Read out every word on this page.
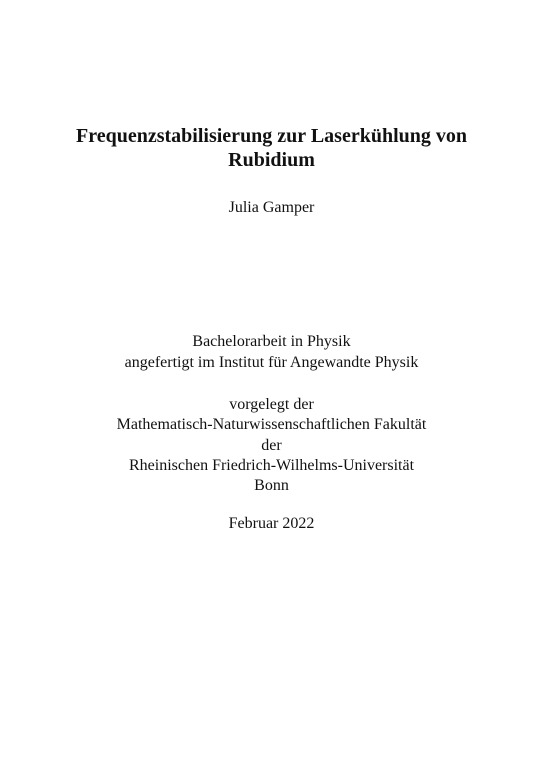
Frequenzstabilisierung zur Laserkühlung von
Rubidium
Julia Gamper
Bachelorarbeit in Physik
angefertigt im Institut für Angewandte Physik
vorgelegt der
Mathematisch-Naturwissenschaftlichen Fakultät
der
Rheinischen Friedrich-Wilhelms-Universität
Bonn
Februar 2022
